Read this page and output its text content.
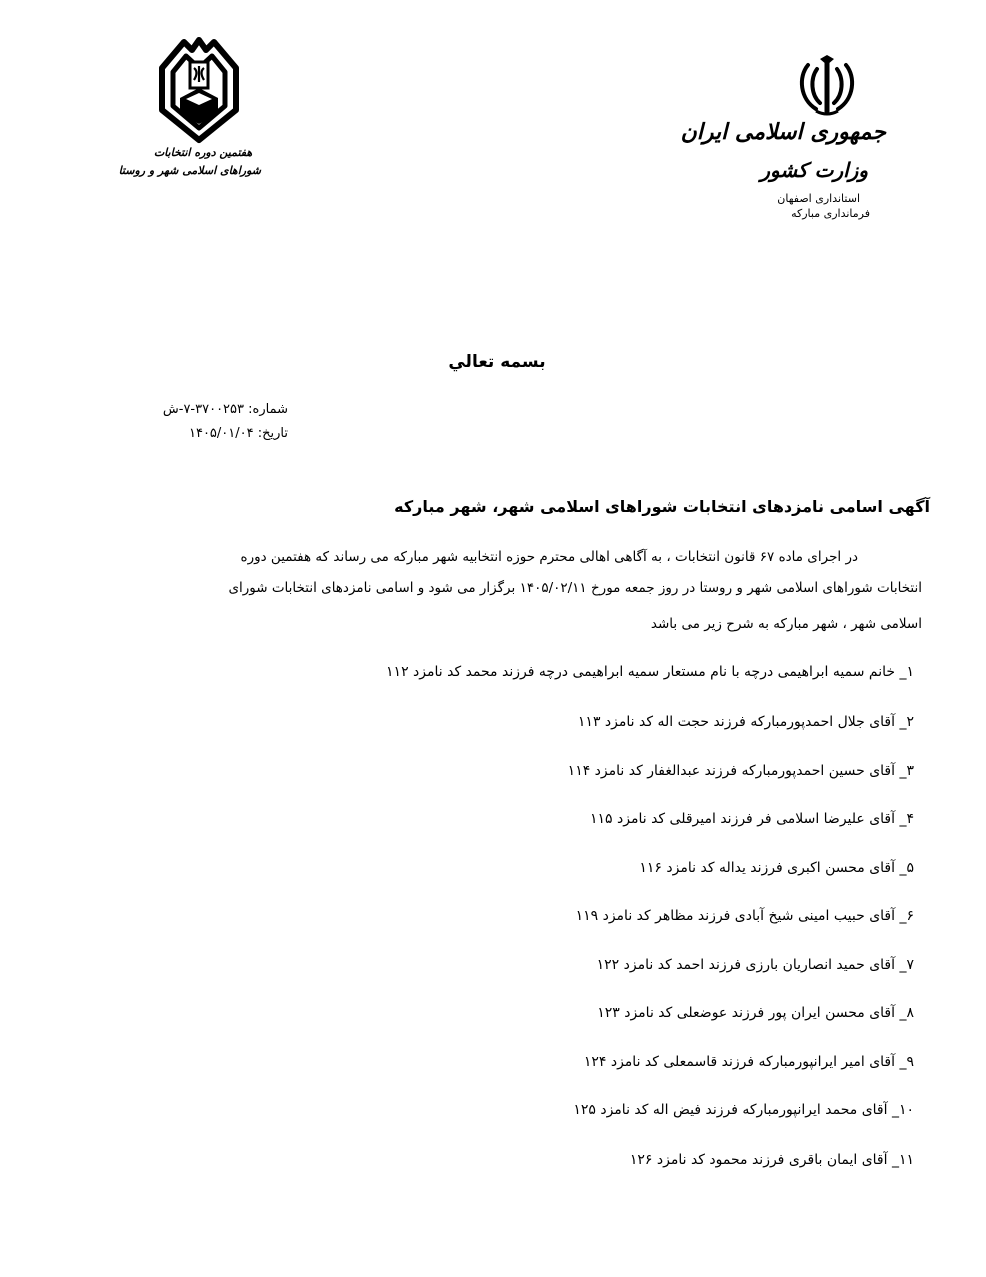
هفتمین دوره انتخابات
شوراهای اسلامی شهر و روستا
جمهوری اسلامی ایران
وزارت کشور
استانداری اصفهان
فرمانداری مبارکه
بسمه تعالي
شماره: ۳۷۰۰۲۵۳-۷-ش
تاریخ: ۱۴۰۵/۰۱/۰۴
آگهی اسامی نامزدهای انتخابات شوراهای اسلامی شهر، شهر مبارکه
در اجرای ماده ۶۷ قانون انتخابات ، به آگاهی اهالی محترم حوزه انتخابیه شهر مبارکه می رساند که هفتمین دوره
انتخابات شوراهای اسلامی شهر و روستا در روز جمعه مورخ ۱۴۰۵/۰۲/۱۱ برگزار می شود و اسامی نامزدهای انتخابات شورای
اسلامی شهر ، شهر مبارکه به شرح زیر می باشد
۱_ خانم سمیه ابراهیمی درچه با نام مستعار سمیه ابراهیمی درچه فرزند محمد کد نامزد ۱۱۲
۲_ آقای جلال احمدپورمبارکه فرزند حجت اله کد نامزد ۱۱۳
۳_ آقای حسین احمدپورمبارکه فرزند عبدالغفار کد نامزد ۱۱۴
۴_ آقای علیرضا اسلامی فر فرزند امیرقلی کد نامزد ۱۱۵
۵_ آقای محسن اکبری فرزند یداله کد نامزد ۱۱۶
۶_ آقای حبیب امینی شیخ آبادی فرزند مظاهر کد نامزد ۱۱۹
۷_ آقای حمید انصاریان بارزی فرزند احمد کد نامزد ۱۲۲
۸_ آقای محسن ایران پور فرزند عوضعلی کد نامزد ۱۲۳
۹_ آقای امیر ایرانپورمبارکه فرزند قاسمعلی کد نامزد ۱۲۴
۱۰_ آقای محمد ایرانپورمبارکه فرزند فیض اله کد نامزد ۱۲۵
۱۱_ آقای ایمان باقری فرزند محمود کد نامزد ۱۲۶
